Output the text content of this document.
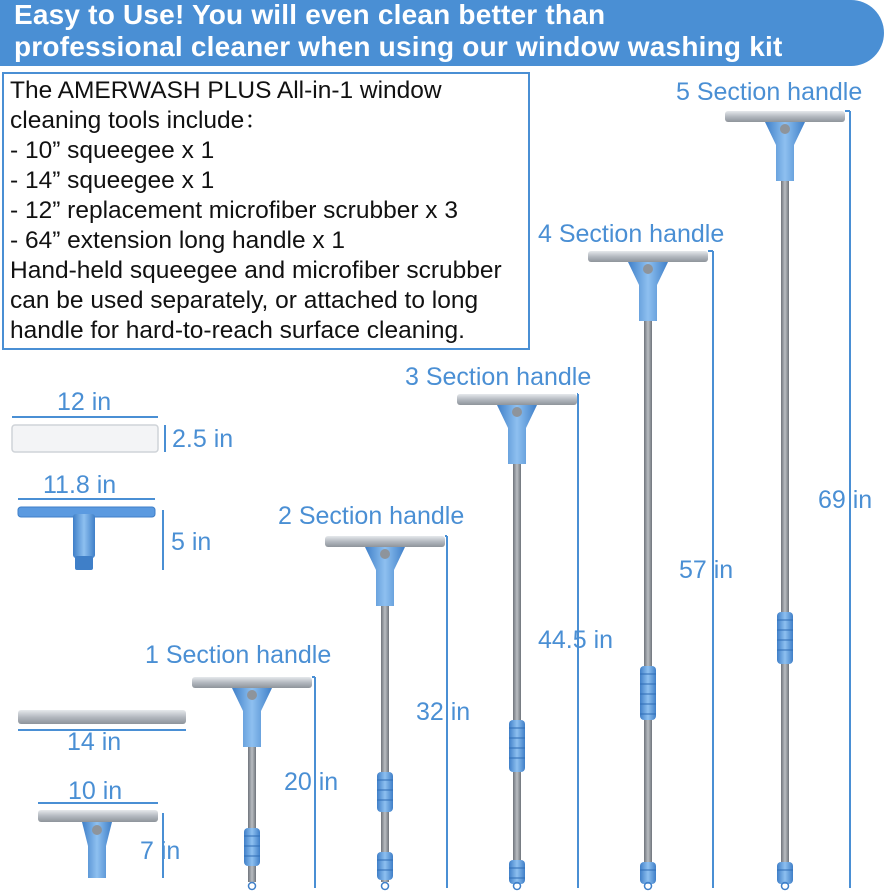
Easy to Use! You will even clean better than
professional cleaner when using our window washing kit
The AMERWASH PLUS All-in-1 window
cleaning tools include：
- 10” squeegee x 1
- 14” squeegee x 1
- 12” replacement microfiber scrubber x 3
- 64” extension long handle x 1
Hand-held squeegee and microfiber scrubber
can be used separately, or attached to long
handle for hard-to-reach surface cleaning.
12 in
2.5 in
11.8 in
5 in
14 in
10 in
7 in
1 Section handle
20 in
2 Section handle
32 in
3 Section handle
44.5 in
4 Section handle
57 in
5 Section handle
69 in
